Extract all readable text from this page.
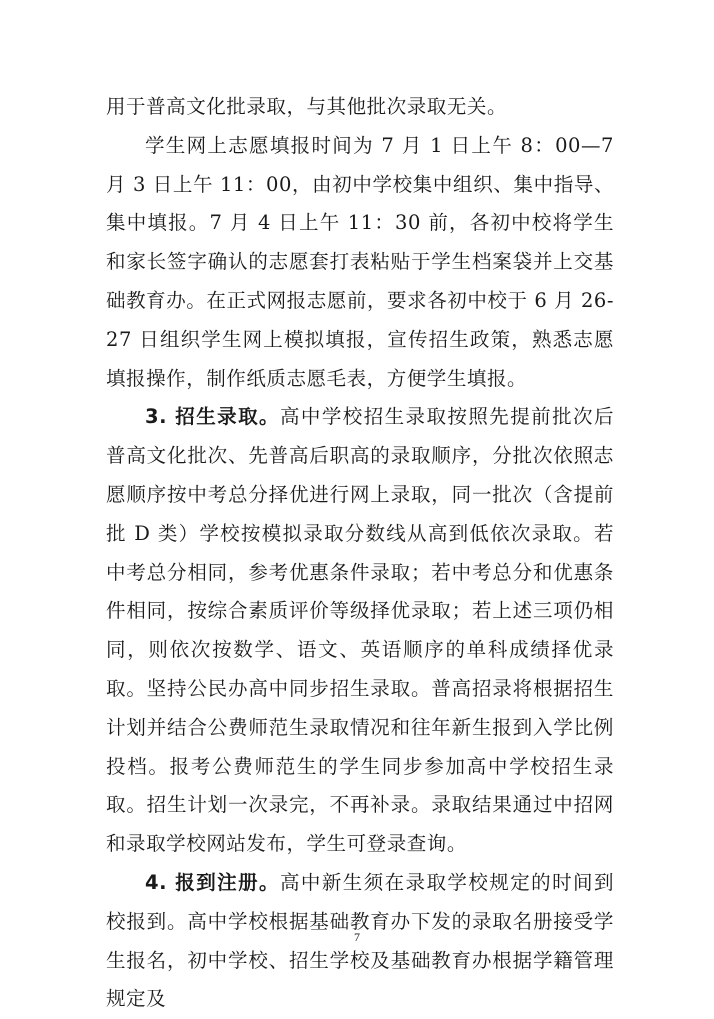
用于普高文化批录取，与其他批次录取无关。

学生网上志愿填报时间为 7 月 1 日上午 8：00—7 月 3 日上午 11：00，由初中学校集中组织、集中指导、集中填报。7 月 4 日上午 11：30 前，各初中校将学生和家长签字确认的志愿套打表粘贴于学生档案袋并上交基础教育办。在正式网报志愿前，要求各初中校于 6 月 26-27 日组织学生网上模拟填报，宣传招生政策，熟悉志愿填报操作，制作纸质志愿毛表，方便学生填报。

3. 招生录取。高中学校招生录取按照先提前批次后普高文化批次、先普高后职高的录取顺序，分批次依照志愿顺序按中考总分择优进行网上录取，同一批次（含提前批 D 类）学校按模拟录取分数线从高到低依次录取。若中考总分相同，参考优惠条件录取；若中考总分和优惠条件相同，按综合素质评价等级择优录取；若上述三项仍相同，则依次按数学、语文、英语顺序的单科成绩择优录取。坚持公民办高中同步招生录取。普高招录将根据招生计划并结合公费师范生录取情况和往年新生报到入学比例投档。报考公费师范生的学生同步参加高中学校招生录取。招生计划一次录完，不再补录。录取结果通过中招网和录取学校网站发布，学生可登录查询。

4. 报到注册。高中新生须在录取学校规定的时间到校报到。高中学校根据基础教育办下发的录取名册接受学生报名，初中学校、招生学校及基础教育办根据学籍管理规定及

7
